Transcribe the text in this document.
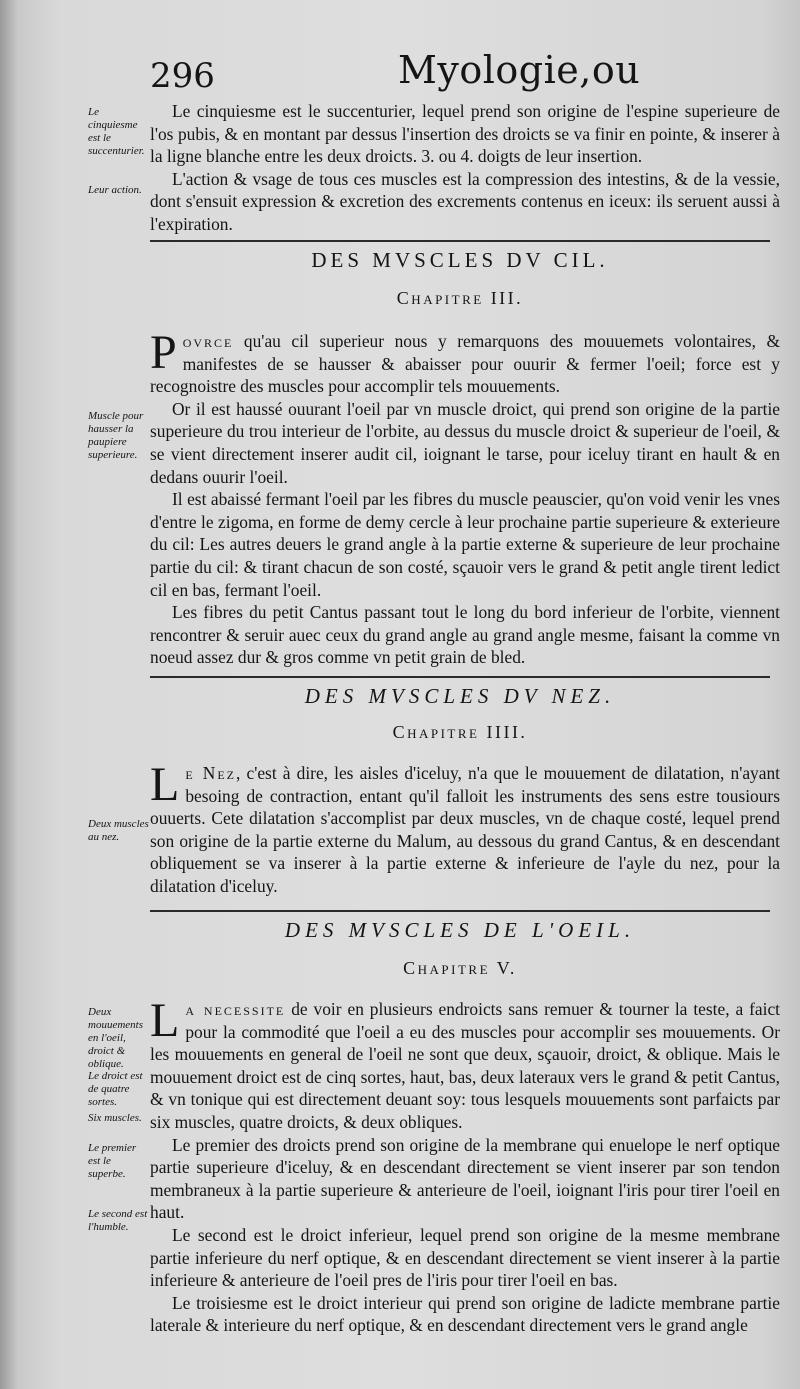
296	Myologie,ou
Le cinquiesme est le succenturier.
Leur action.
Muscle pour hausser la paupiere superieure.
Deux muscles au nez.
Deux mouuements en l'oeil, droict & oblique.
Le droict est de quatre sortes.
Six muscles.
Le premier est le superbe.
Le second est l'humble.

Le cinquiesme est le succenturier, lequel prend son origine de l'espine superieure de l'os pubis, & en montant par dessus l'insertion des droicts se va finir en pointe, & inserer à la ligne blanche entre les deux droicts. 3. ou 4. doigts de leur insertion.

L'action & vsage de tous ces muscles est la compression des intestins, & de la vessie, dont s'ensuit expression & excretion des excrements contenus en iceux: ils seruent aussi à l'expiration.

DES MVSCLES DV CIL.
Chapitre III.

Povrce qu'au cil superieur nous y remarquons des mouuemets volontaires, & manifestes de se hausser & abaisser pour ouurir & fermer l'oeil; force est y recognoistre des muscles pour accomplir tels mouuements.

Or il est haussé ouurant l'oeil par vn muscle droict, qui prend son origine de la partie superieure du trou interieur de l'orbite, au dessus du muscle droict & superieur de l'oeil, & se vient directement inserer audit cil, ioignant le tarse, pour iceluy tirant en hault & en dedans ouurir l'oeil.

Il est abaissé fermant l'oeil par les fibres du muscle peauscier, qu'on void venir les vnes d'entre le zigoma, en forme de demy cercle à leur prochaine partie superieure & exterieure du cil: Les autres deuers le grand angle à la partie externe & superieure de leur prochaine partie du cil: & tirant chacun de son costé, sçauoir vers le grand & petit angle tirent ledict cil en bas, fermant l'oeil.

Les fibres du petit Cantus passant tout le long du bord inferieur de l'orbite, viennent rencontrer & seruir auec ceux du grand angle au grand angle mesme, faisant la comme vn noeud assez dur & gros comme vn petit grain de bled.

DES MVSCLES DV NEZ.
Chapitre IIII.

Le Nez, c'est à dire, les aisles d'iceluy, n'a que le mouuement de dilatation, n'ayant besoing de contraction, entant qu'il falloit les instruments des sens estre tousiours ouuerts. Cete dilatation s'accomplist par deux muscles, vn de chaque costé, lequel prend son origine de la partie externe du Malum, au dessous du grand Cantus, & en descendant obliquement se va inserer à la partie externe & inferieure de l'ayle du nez, pour la dilatation d'iceluy.

DES MVSCLES DE L'OEIL.
Chapitre V.

La necessite de voir en plusieurs endroicts sans remuer & tourner la teste, a faict pour la commodité que l'oeil a eu des muscles pour accomplir ses mouuements. Or les mouuements en general de l'oeil ne sont que deux, sçauoir, droict, & oblique. Mais le mouuement droict est de cinq sortes, haut, bas, deux lateraux vers le grand & petit Cantus, & vn tonique qui est directement deuant soy: tous lesquels mouuements sont parfaicts par six muscles, quatre droicts, & deux obliques.

Le premier des droicts prend son origine de la membrane qui enuelope le nerf optique partie superieure d'iceluy, & en descendant directement se vient inserer par son tendon membraneux à la partie superieure & anterieure de l'oeil, ioignant l'iris pour tirer l'oeil en haut.

Le second est le droict inferieur, lequel prend son origine de la mesme membrane partie inferieure du nerf optique, & en descendant directement se vient inserer à la partie inferieure & anterieure de l'oeil pres de l'iris pour tirer l'oeil en bas.

Le troisiesme est le droict interieur qui prend son origine de ladicte membrane partie laterale & interieure du nerf optique, & en descendant directement vers le grand angle
